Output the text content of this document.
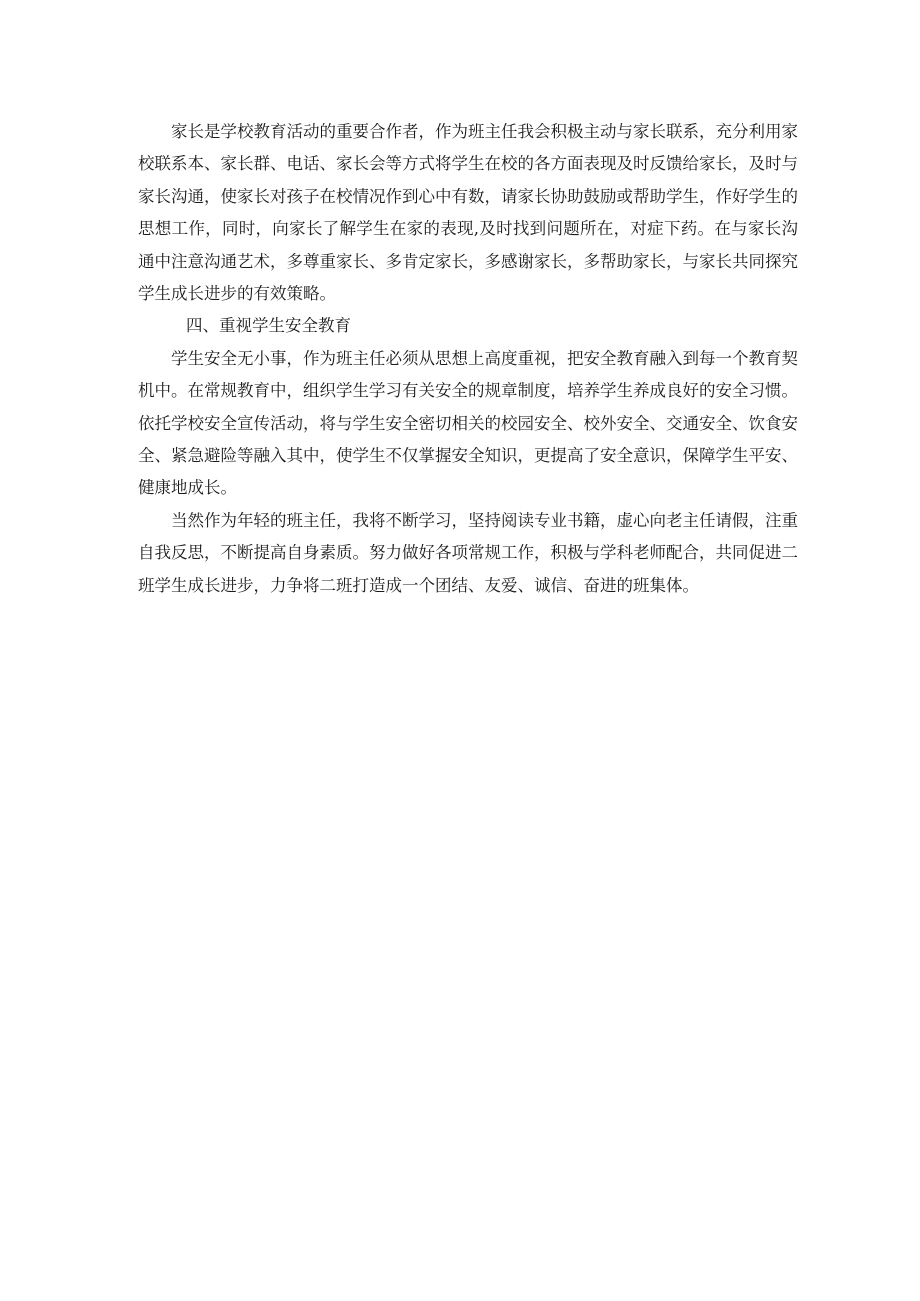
家长是学校教育活动的重要合作者，作为班主任我会积极主动与家长联系，充分利用家校联系本、家长群、电话、家长会等方式将学生在校的各方面表现及时反馈给家长，及时与家长沟通，使家长对孩子在校情况作到心中有数，请家长协助鼓励或帮助学生，作好学生的思想工作，同时，向家长了解学生在家的表现,及时找到问题所在，对症下药。在与家长沟通中注意沟通艺术，多尊重家长、多肯定家长，多感谢家长，多帮助家长，与家长共同探究学生成长进步的有效策略。

四、重视学生安全教育

学生安全无小事，作为班主任必须从思想上高度重视，把安全教育融入到每一个教育契机中。在常规教育中，组织学生学习有关安全的规章制度，培养学生养成良好的安全习惯。依托学校安全宣传活动，将与学生安全密切相关的校园安全、校外安全、交通安全、饮食安全、紧急避险等融入其中，使学生不仅掌握安全知识，更提高了安全意识，保障学生平安、健康地成长。

当然作为年轻的班主任，我将不断学习，坚持阅读专业书籍，虚心向老主任请假，注重自我反思，不断提高自身素质。努力做好各项常规工作，积极与学科老师配合，共同促进二班学生成长进步，力争将二班打造成一个团结、友爱、诚信、奋进的班集体。
